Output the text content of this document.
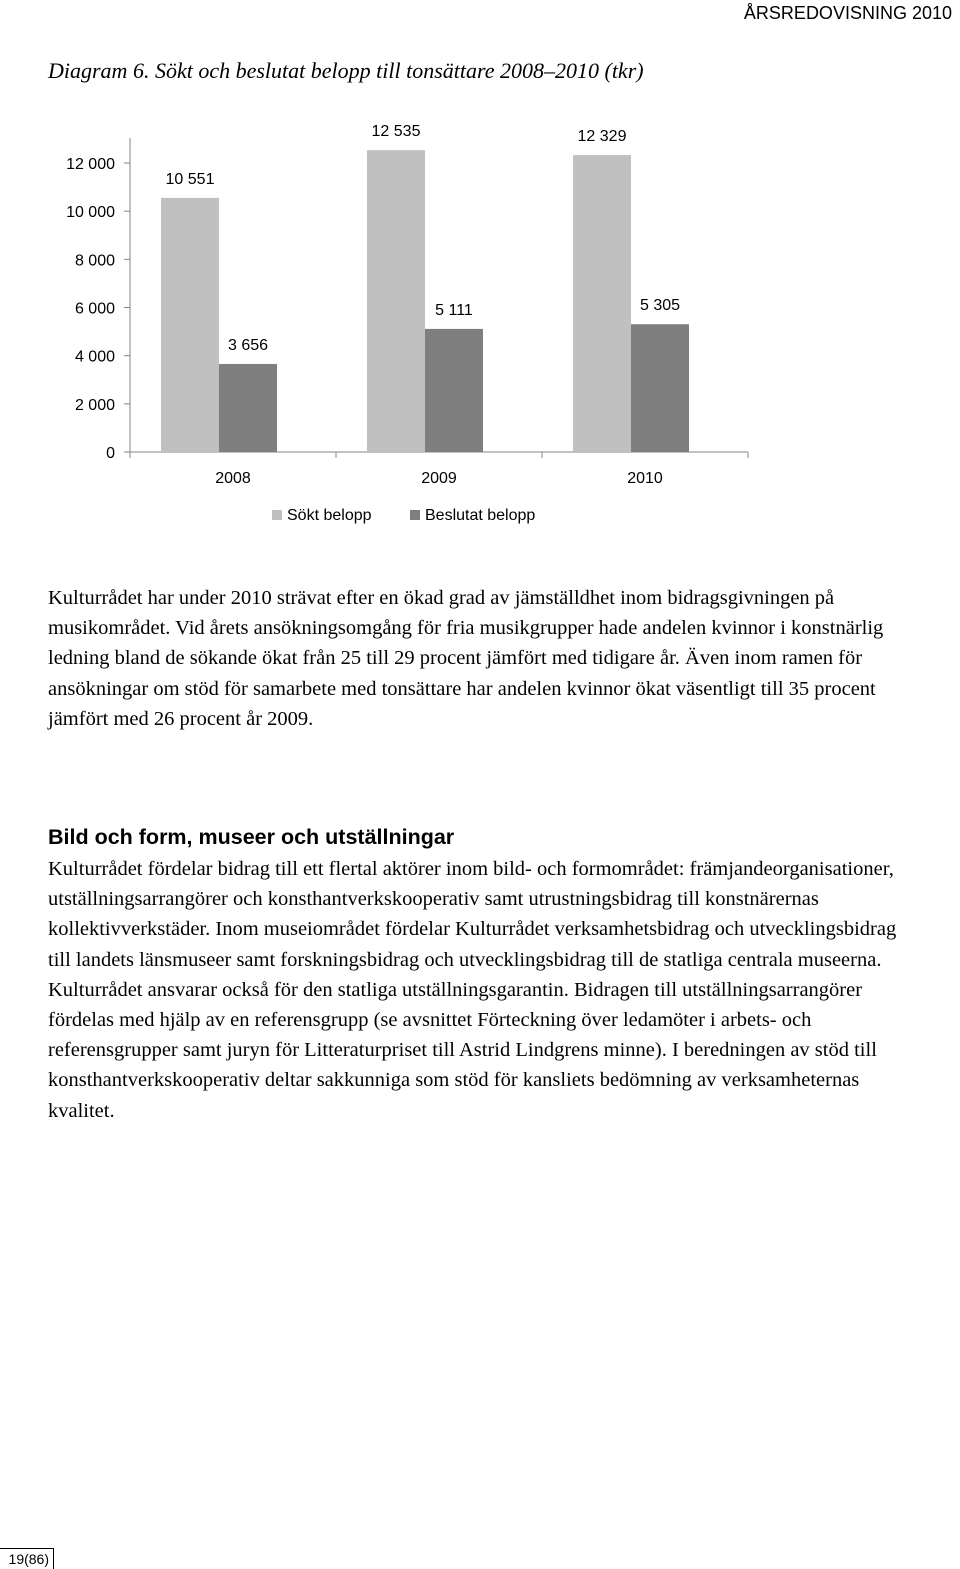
ÅRSREDOVISNING 2010
Diagram 6. Sökt och beslutat belopp till tonsättare 2008–2010 (tkr)
0
2 000
4 000
6 000
8 000
10 000
12 000
2008
10 551
3 656
2009
12 535
5 111
2010
12 329
5 305
Sökt belopp	Beslutat belopp

Kulturrådet har under 2010 strävat efter en ökad grad av jämställdhet inom bidragsgivningen på musikområdet. Vid årets ansökningsomgång för fria musikgrupper hade andelen kvinnor i konstnärlig ledning bland de sökande ökat från 25 till 29 procent jämfört med tidigare år. Även inom ramen för ansökningar om stöd för samarbete med tonsättare har andelen kvinnor ökat väsentligt till 35 procent jämfört med 26 procent år 2009.

Bild och form, museer och utställningar

Kulturrådet fördelar bidrag till ett flertal aktörer inom bild- och formområdet: främjandeorganisationer, utställningsarrangörer och konsthantverkskooperativ samt utrustningsbidrag till konstnärernas kollektivverkstäder. Inom museiområdet fördelar Kulturrådet verksamhetsbidrag och utvecklingsbidrag till landets länsmuseer samt forskningsbidrag och utvecklingsbidrag till de statliga centrala museerna. Kulturrådet ansvarar också för den statliga utställningsgarantin. Bidragen till utställningsarrangörer fördelas med hjälp av en referensgrupp (se avsnittet Förteckning över ledamöter i arbets- och referensgrupper samt juryn för Litteraturpriset till Astrid Lindgrens minne). I beredningen av stöd till konsthantverkskooperativ deltar sakkunniga som stöd för kansliets bedömning av verksamheternas kvalitet.

19(86)
